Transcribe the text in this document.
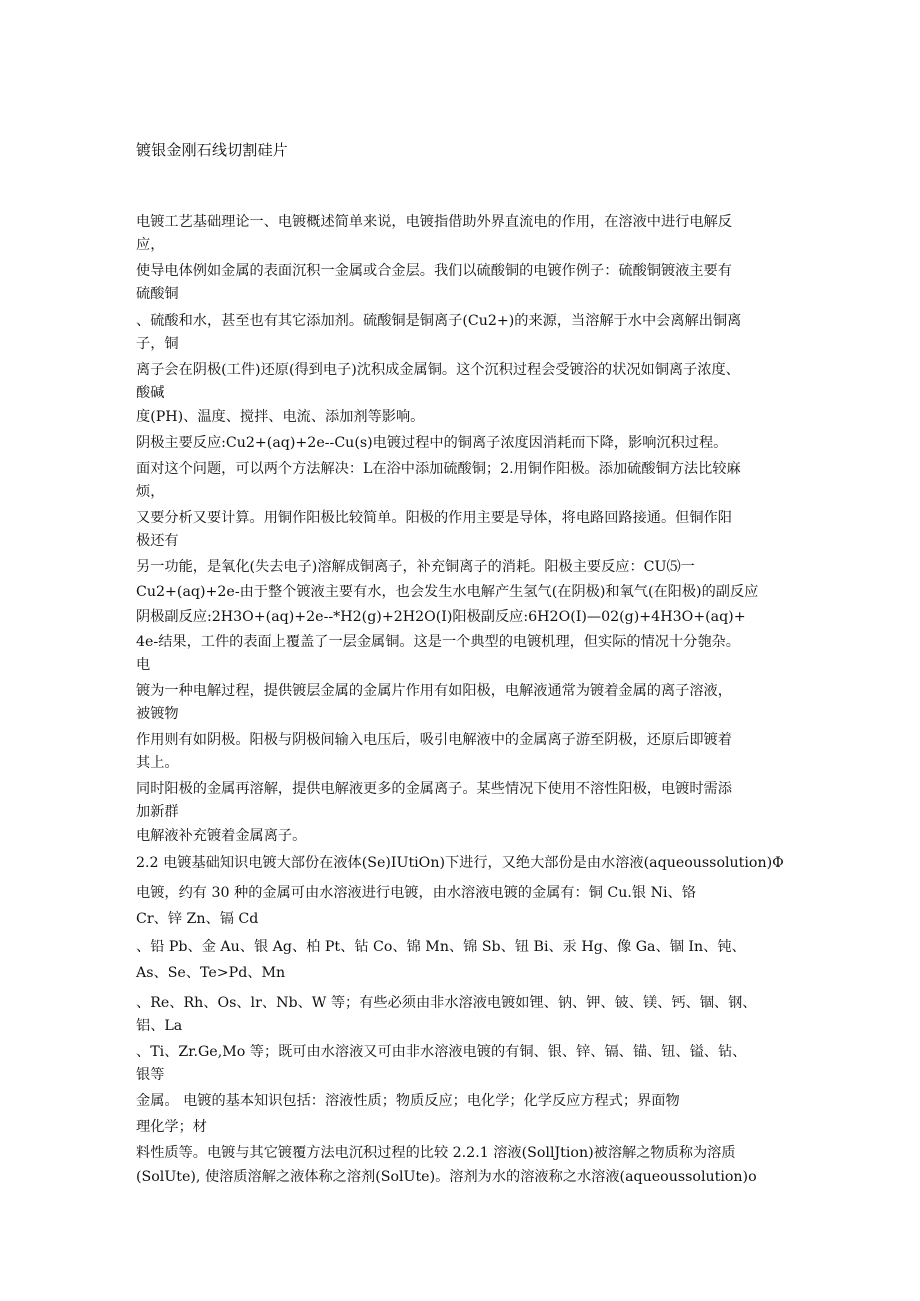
镀银金刚石线切割硅片
电镀工艺基础理论一、电镀概述简单来说，电镀指借助外界直流电的作用，在溶液中进行电解反
应，
使导电体例如金属的表面沉积一金属或合金层。我们以硫酸铜的电镀作例子：硫酸铜镀液主要有
硫酸铜
、硫酸和水，甚至也有其它添加剂。硫酸铜是铜离子(Cu2+)的来源，当溶解于水中会离解出铜离
子，铜
离子会在阴极(工件)还原(得到电子)沈积成金属铜。这个沉积过程会受镀浴的状况如铜离子浓度、
酸碱
度(PH)、温度、搅拌、电流、添加剂等影响。
阴极主要反应:Cu2+(aq)+2e--Cu(s)电镀过程中的铜离子浓度因消耗而下降，影响沉积过程。
面对这个问题，可以两个方法解决：L在浴中添加硫酸铜；2.用铜作阳极。添加硫酸铜方法比较麻
烦，
又要分析又要计算。用铜作阳极比较简单。阳极的作用主要是导体，将电路回路接通。但铜作阳
极还有
另一功能，是氧化(失去电子)溶解成铜离子，补充铜离子的消耗。阳极主要反应：CU⑸一
Cu2+(aq)+2e-由于整个镀液主要有水，也会发生水电解产生氢气(在阴极)和氧气(在阳极)的副反应
阴极副反应:2H3O+(aq)+2e--*H2(g)+2H2O(I)阳极副反应:6H2O(I)—02(g)+4H3O+(aq)+
4e-结果，工件的表面上覆盖了一层金属铜。这是一个典型的电镀机理，但实际的情况十分匏杂。
电
镀为一种电解过程，提供镀层金属的金属片作用有如阳极，电解液通常为镀着金属的离子溶液，
被镀物
作用则有如阴极。阳极与阴极间输入电压后，吸引电解液中的金属离子游至阴极，还原后即镀着
其上。
同时阳极的金属再溶解，提供电解液更多的金属离子。某些情况下使用不溶性阳极，电镀时需添
加新群
电解液补充镀着金属离子。
2.2 电镀基础知识电镀大部份在液体(Se)IUtiOn)下进行，又绝大部份是由水溶液(aqueoussolution)Φ
电镀，约有 30 种的金属可由水溶液进行电镀，由水溶液电镀的金属有：铜 Cu.银 Ni、铬
Cr、锌 Zn、镉 Cd
、铅 Pb、金 Au、银 Ag、柏 Pt、钻 Co、锦 Mn、锦 Sb、钮 Bi、汞 Hg、像 Ga、锢 In、钝、
As、Se、Te>Pd、Mn
、Re、Rh、Os、lr、Nb、W 等；有些必须由非水溶液电镀如锂、钠、钾、铍、镁、钙、锢、钢、
铝、La
、Ti、Zr.Ge,Mo 等；既可由水溶液又可由非水溶液电镀的有铜、银、锌、镉、锚、钮、镒、钻、
银等
金属。 电镀的基本知识包括：溶液性质；物质反应；电化学；化学反应方程式；界面物
理化学；材
料性质等。电镀与其它镀覆方法电沉积过程的比较 2.2.1 溶液(SollJtion)被溶解之物质称为溶质
(SolUte), 使溶质溶解之液体称之溶剂(SolUte)。溶剂为水的溶液称之水溶液(aqueoussolution)o
